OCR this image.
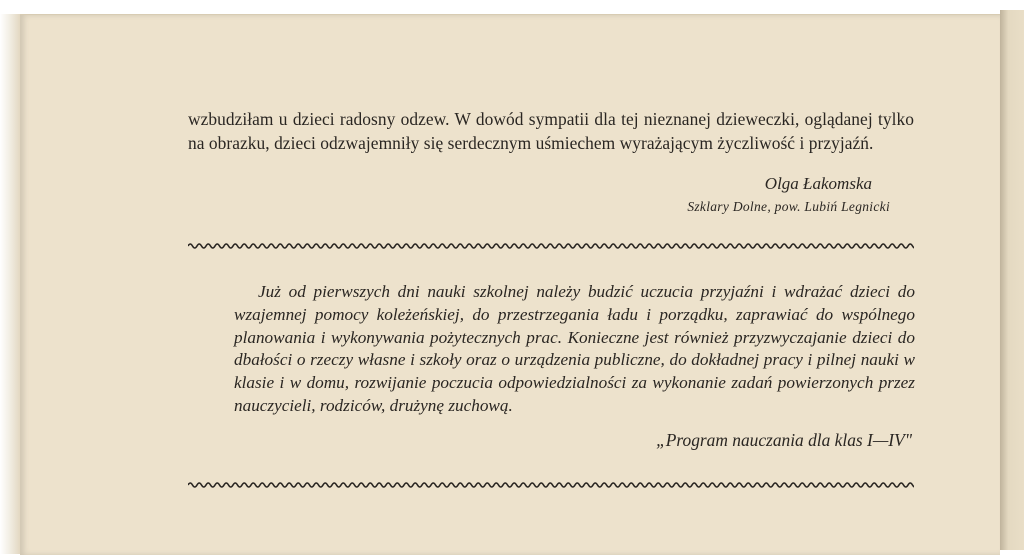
wzbudziłam u dzieci radosny odzew. W dowód sympatii dla tej nieznanej dzieweczki, oglądanej tylko na obrazku, dzieci odzwajemniły się serdecznym uśmiechem wyrażającym życzliwość i przyjaźń.

Olga Łakomska
Szklary Dolne, pow. Lubiń Legnicki

Już od pierwszych dni nauki szkolnej należy budzić uczucia przyjaźni i wdrażać dzieci do wzajemnej pomocy koleżeńskiej, do przestrzegania ładu i porządku, zaprawiać do wspólnego planowania i wykonywania pożytecznych prac. Konieczne jest również przyzwyczajanie dzieci do dbałości o rzeczy własne i szkoły oraz o urządzenia publiczne, do dokładnej pracy i pilnej nauki w klasie i w domu, rozwijanie poczucia odpowiedzialności za wykonanie zadań powierzonych przez nauczycieli, rodziców, drużynę zuchową.

„Program nauczania dla klas I—IV"
